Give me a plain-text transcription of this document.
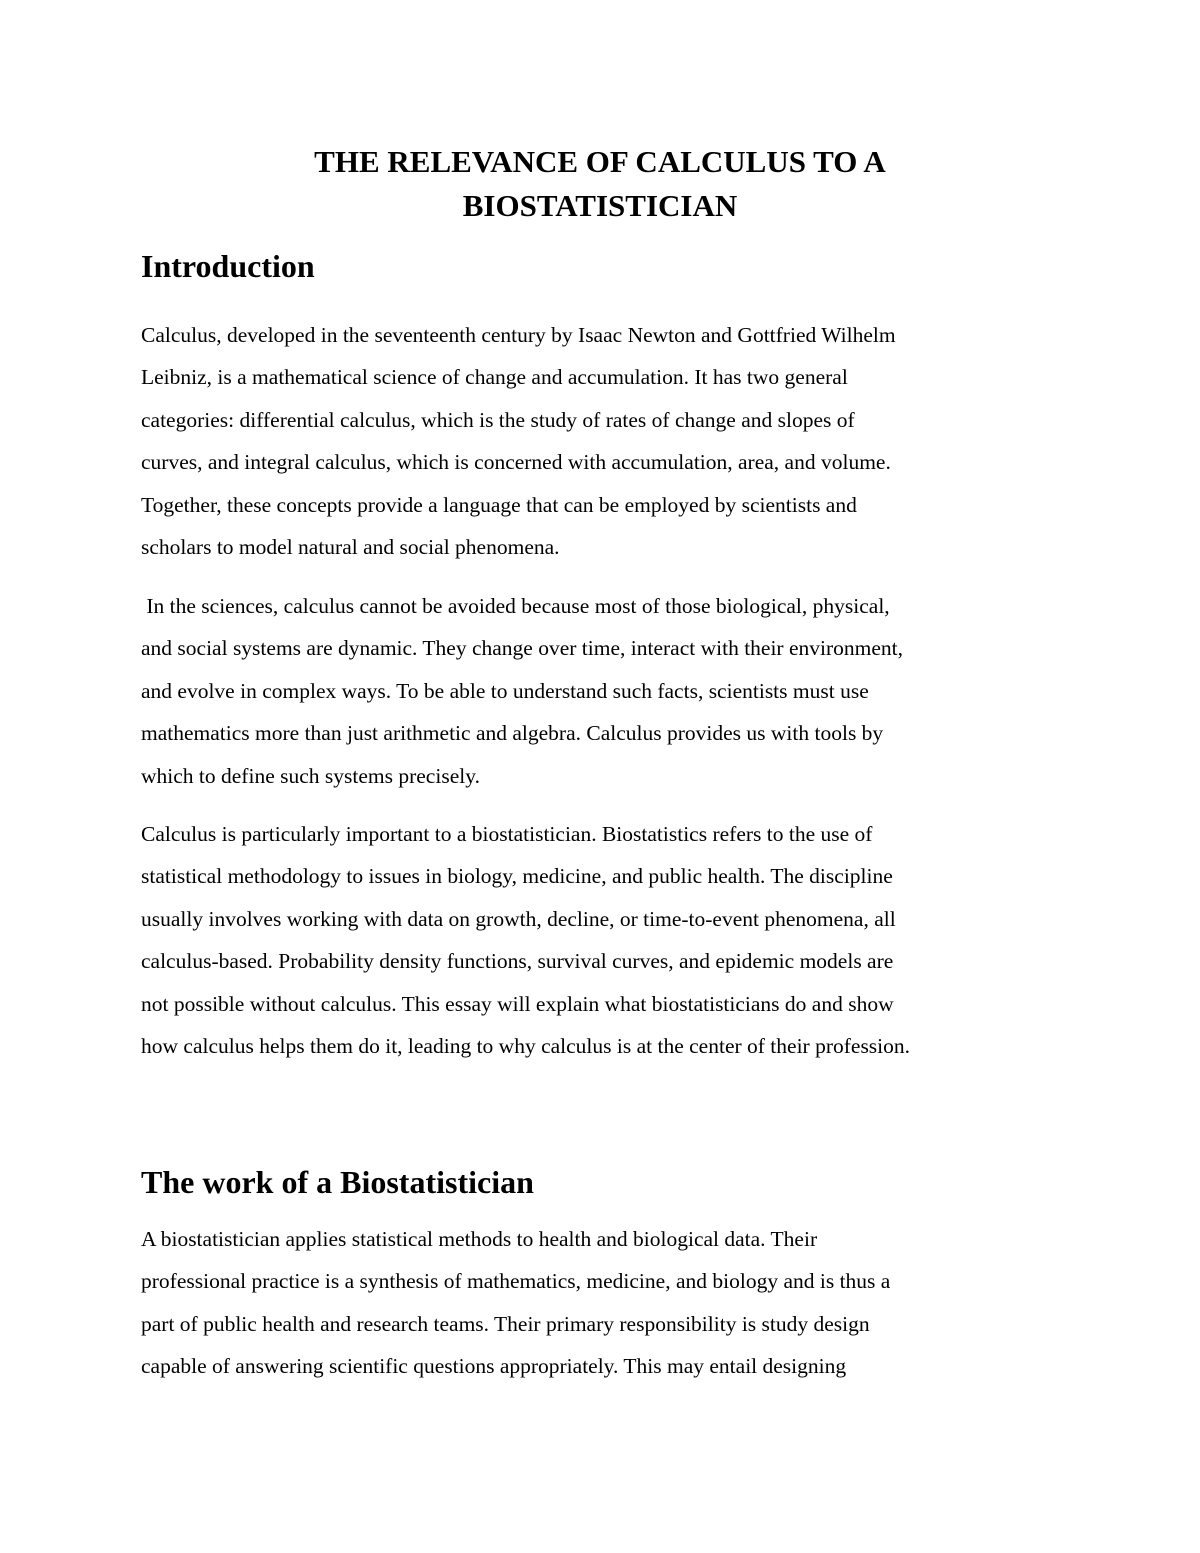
THE RELEVANCE OF CALCULUS TO A
BIOSTATISTICIAN
Introduction

Calculus, developed in the seventeenth century by Isaac Newton and Gottfried Wilhelm
Leibniz, is a mathematical science of change and accumulation. It has two general
categories: differential calculus, which is the study of rates of change and slopes of
curves, and integral calculus, which is concerned with accumulation, area, and volume.
Together, these concepts provide a language that can be employed by scientists and
scholars to model natural and social phenomena.

In the sciences, calculus cannot be avoided because most of those biological, physical,
and social systems are dynamic. They change over time, interact with their environment,
and evolve in complex ways. To be able to understand such facts, scientists must use
mathematics more than just arithmetic and algebra. Calculus provides us with tools by
which to define such systems precisely.

Calculus is particularly important to a biostatistician. Biostatistics refers to the use of
statistical methodology to issues in biology, medicine, and public health. The discipline
usually involves working with data on growth, decline, or time-to-event phenomena, all
calculus-based. Probability density functions, survival curves, and epidemic models are
not possible without calculus. This essay will explain what biostatisticians do and show
how calculus helps them do it, leading to why calculus is at the center of their profession.

The work of a Biostatistician

A biostatistician applies statistical methods to health and biological data. Their
professional practice is a synthesis of mathematics, medicine, and biology and is thus a
part of public health and research teams. Their primary responsibility is study design
capable of answering scientific questions appropriately. This may entail designing
